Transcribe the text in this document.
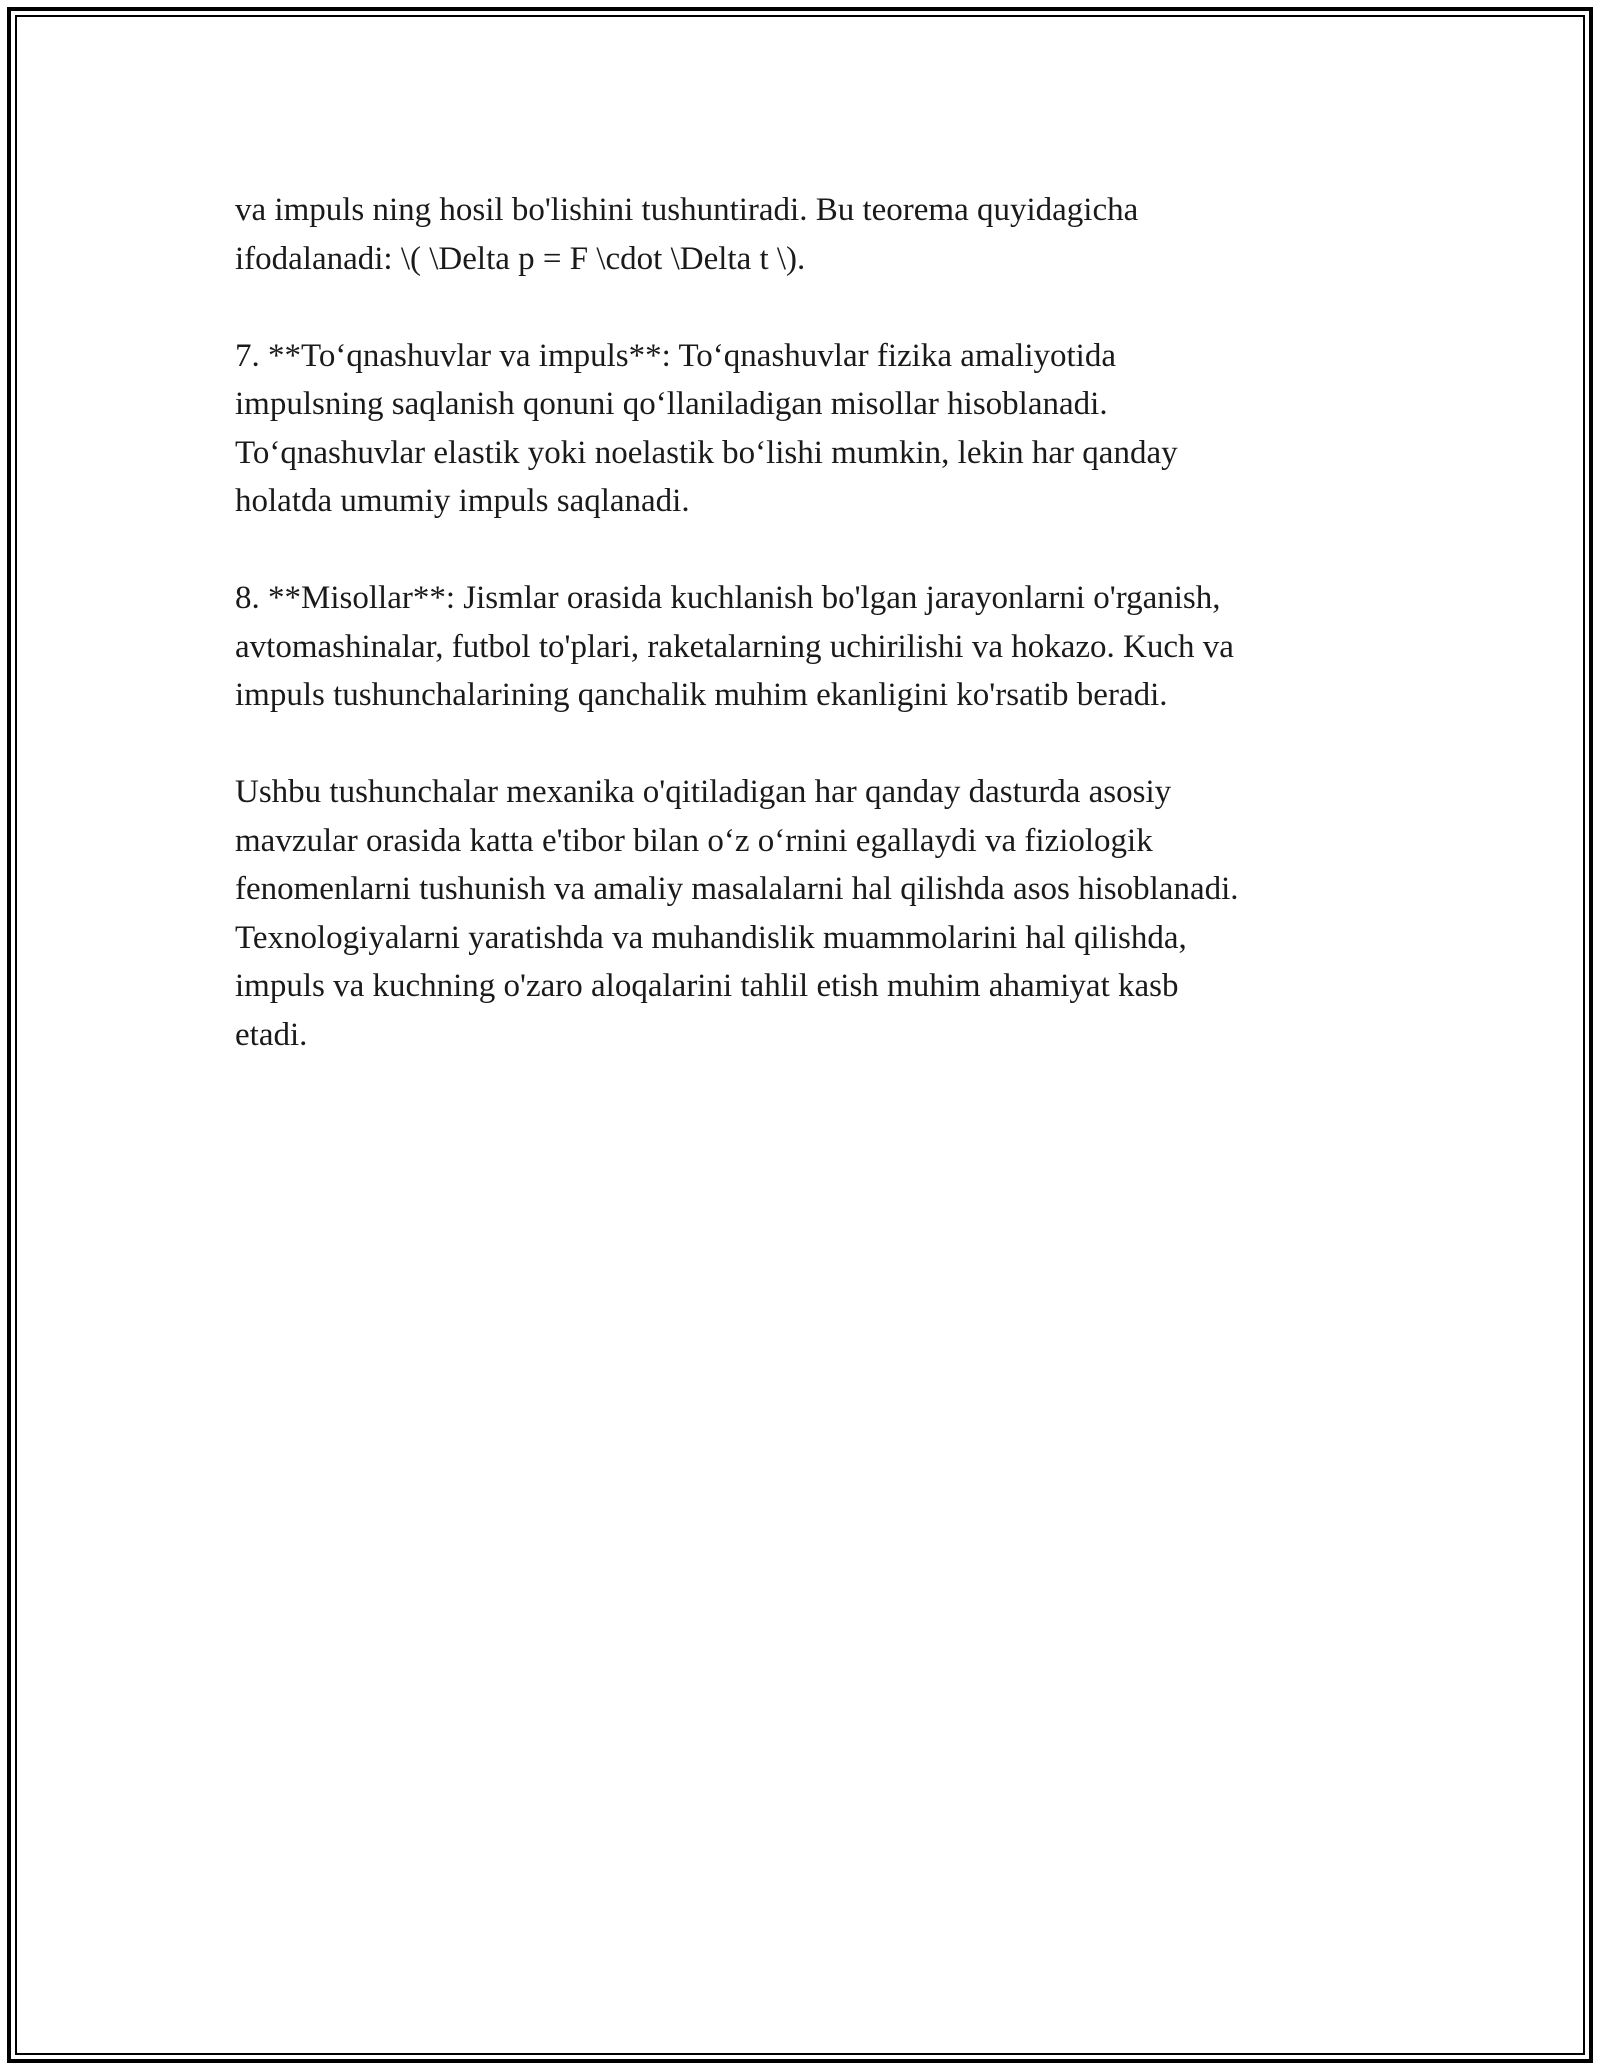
va impuls ning hosil bo'lishini tushuntiradi. Bu teorema quyidagicha
ifodalanadi: \( \Delta p = F \cdot \Delta t \).

7. **To‘qnashuvlar va impuls**: To‘qnashuvlar fizika amaliyotida
impulsning saqlanish qonuni qo‘llaniladigan misollar hisoblanadi.
To‘qnashuvlar elastik yoki noelastik bo‘lishi mumkin, lekin har qanday
holatda umumiy impuls saqlanadi.

8. **Misollar**: Jismlar orasida kuchlanish bo'lgan jarayonlarni o'rganish,
avtomashinalar, futbol to'plari, raketalarning uchirilishi va hokazo. Kuch va
impuls tushunchalarining qanchalik muhim ekanligini ko'rsatib beradi.

Ushbu tushunchalar mexanika o'qitiladigan har qanday dasturda asosiy
mavzular orasida katta e'tibor bilan o‘z o‘rnini egallaydi va fiziologik
fenomenlarni tushunish va amaliy masalalarni hal qilishda asos hisoblanadi.
Texnologiyalarni yaratishda va muhandislik muammolarini hal qilishda,
impuls va kuchning o'zaro aloqalarini tahlil etish muhim ahamiyat kasb
etadi.
